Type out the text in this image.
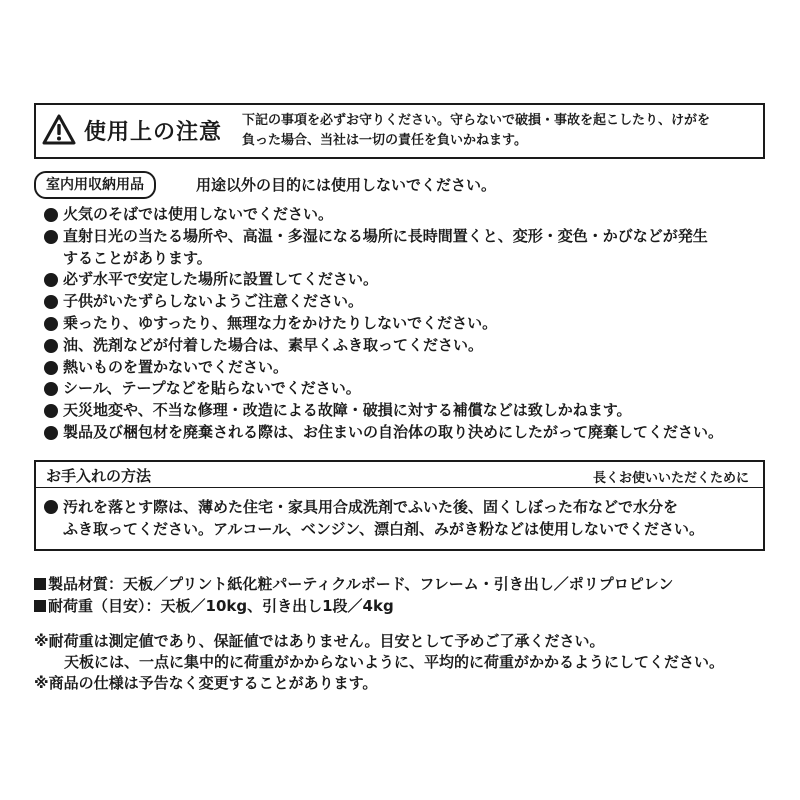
使用上の注意 下記の事項を必ずお守りください。守らないで破損・事故を起こしたり、けがを
負った場合、当社は一切の責任を負いかねます。
室内用収納用品	用途以外の目的には使用しないでください。
火気のそばでは使用しないでください。
直射日光の当たる場所や、高温・多湿になる場所に長時間置くと、変形・変色・かびなどが発生
することがあります。
必ず水平で安定した場所に設置してください。
子供がいたずらしないようご注意ください。
乗ったり、ゆすったり、無理な力をかけたりしないでください。
油、洗剤などが付着した場合は、素早くふき取ってください。
熱いものを置かないでください。
シール、テープなどを貼らないでください。
天災地変や、不当な修理・改造による故障・破損に対する補償などは致しかねます。
製品及び梱包材を廃棄される際は、お住まいの自治体の取り決めにしたがって廃棄してください。
お手入れの方法	長くお使いいただくために
汚れを落とす際は、薄めた住宅・家具用合成洗剤でふいた後、固くしぼった布などで水分を
ふき取ってください。アルコール、ベンジン、漂白剤、みがき粉などは使用しないでください。
製品材質：天板／プリント紙化粧パーティクルボード、フレーム・引き出し／ポリプロピレン
耐荷重（目安）：天板／10kg、引き出し1段／4kg
※耐荷重は測定値であり、保証値ではありません。目安として予めご了承ください。
天板には、一点に集中的に荷重がかからないように、平均的に荷重がかかるようにしてください。
※商品の仕様は予告なく変更することがあります。
